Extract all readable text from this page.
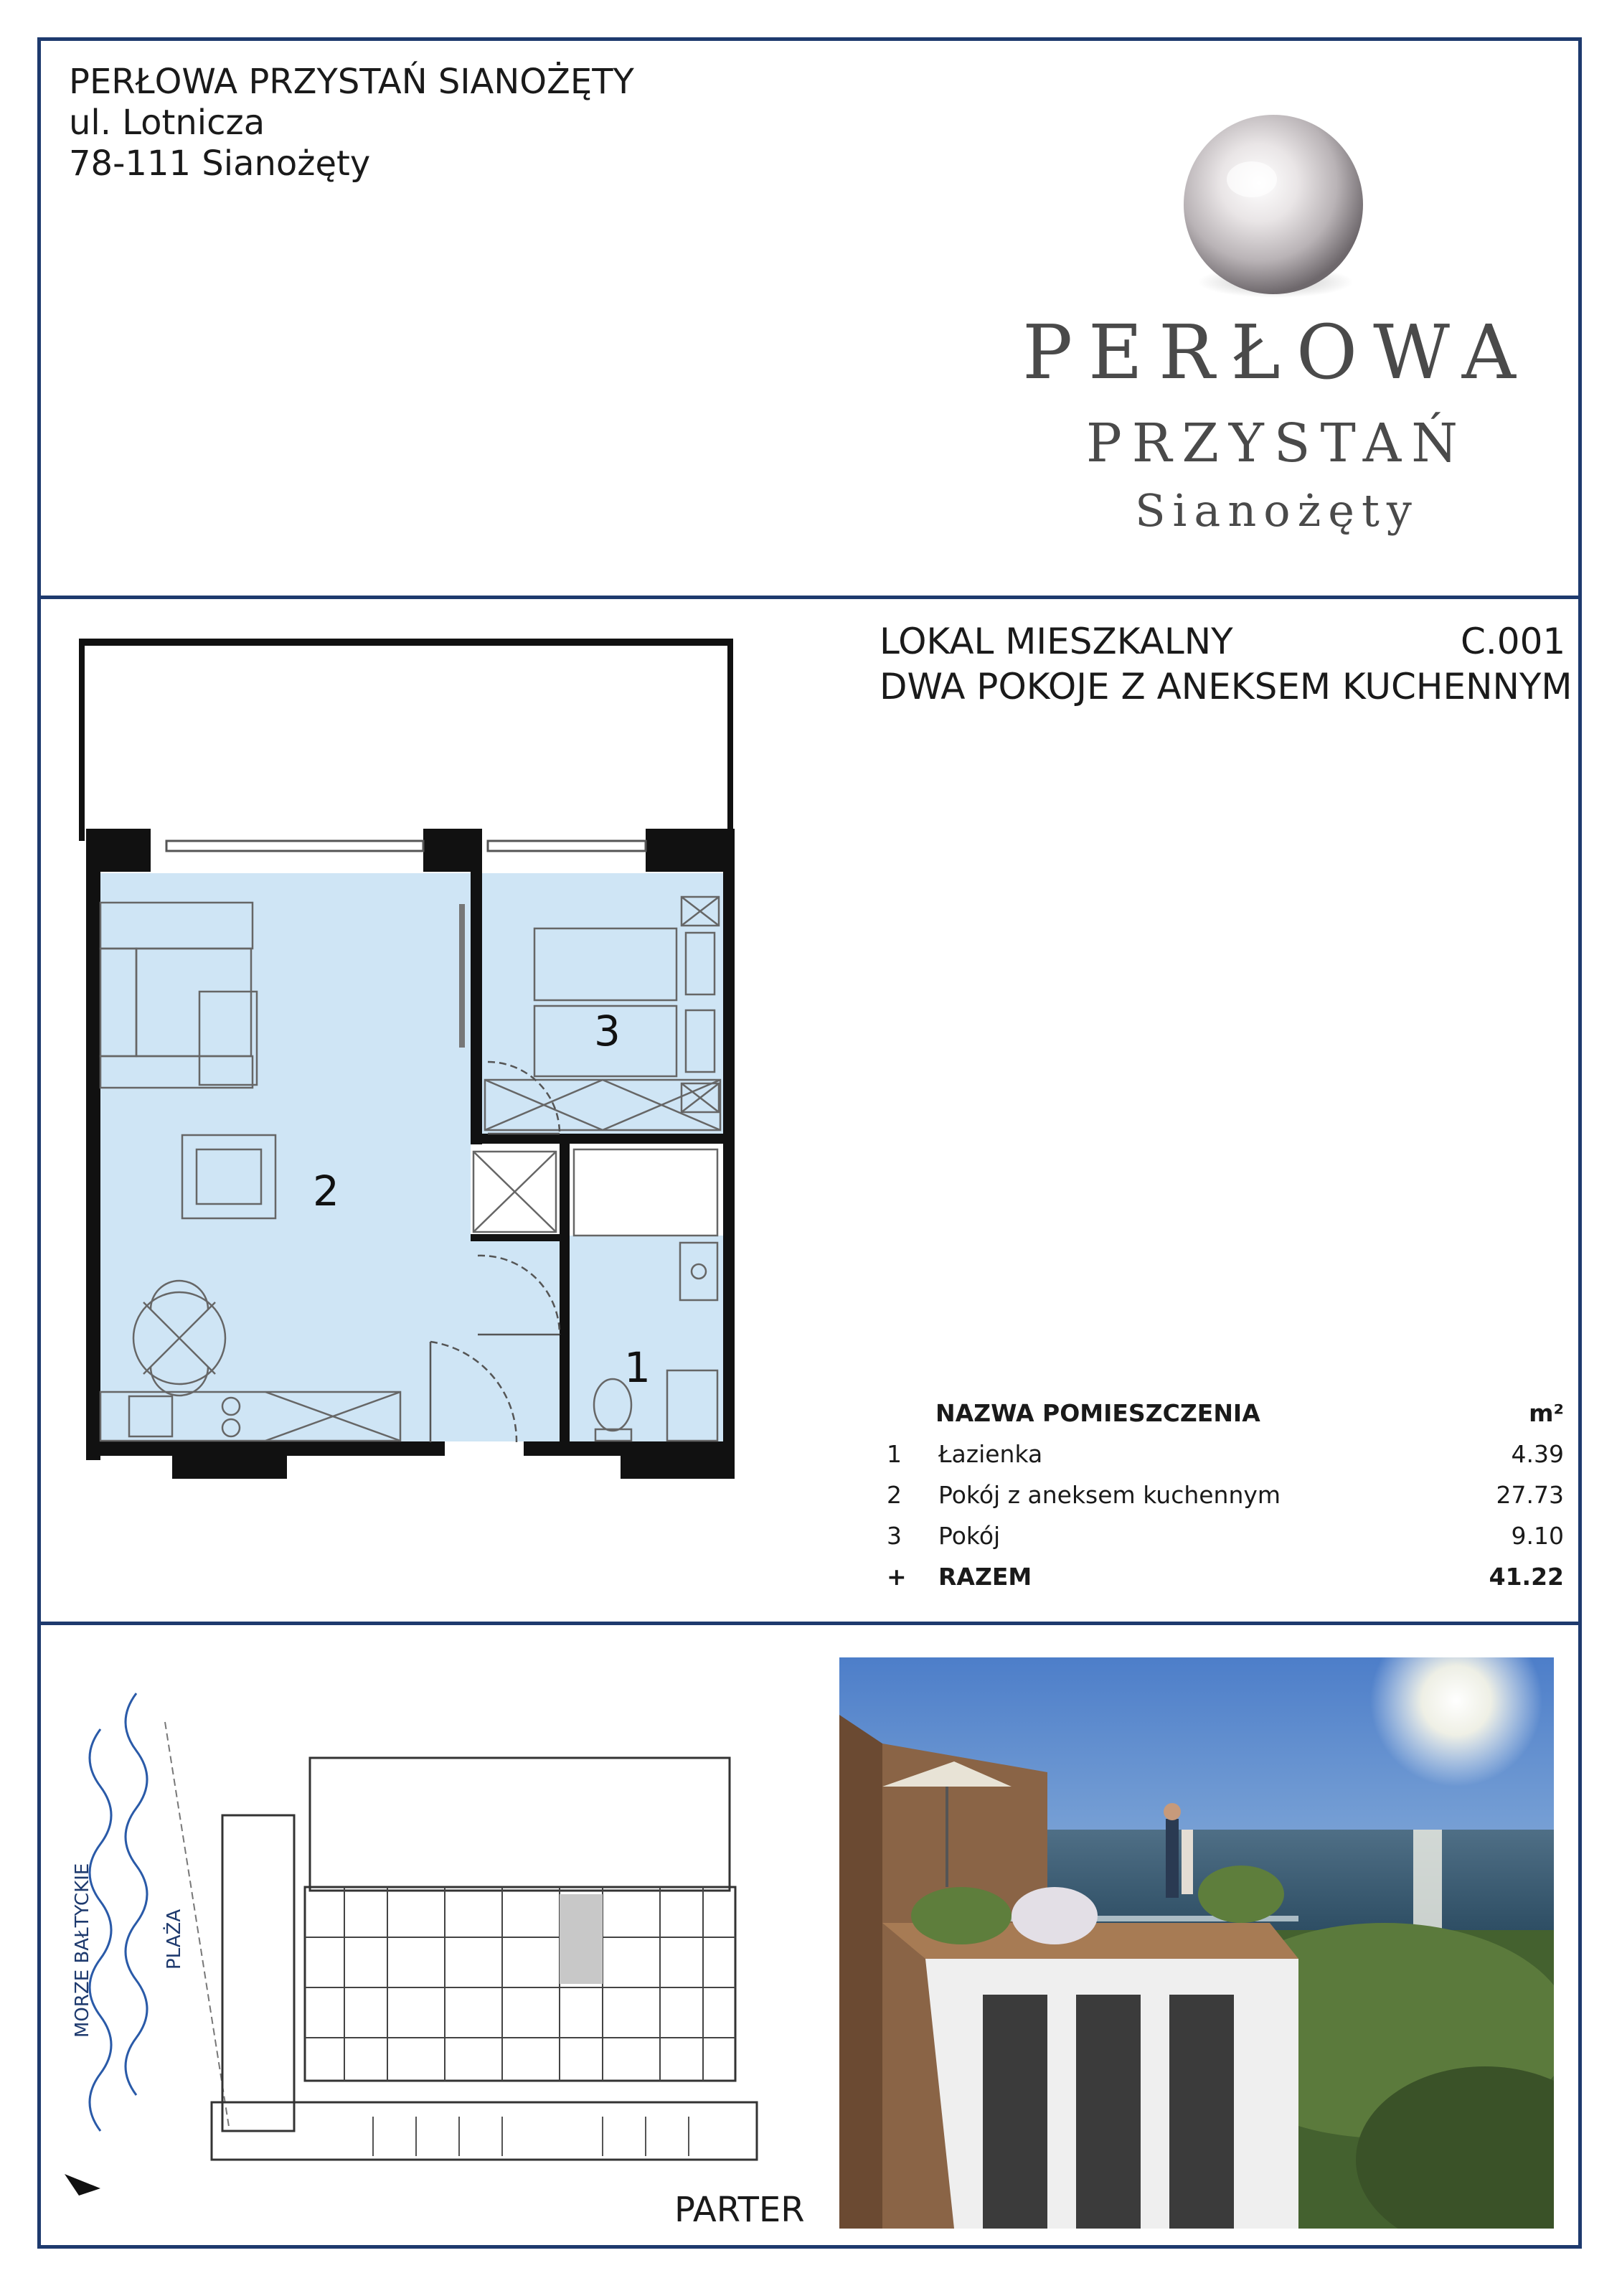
PERŁOWA PRZYSTAŃ SIANOŻĘTY
ul. Lotnicza
78-111 Sianożęty
PERŁOWA
PRZYSTAŃ
Sianożęty
LOKAL MIESZKALNY	C.001
DWA POKOJE Z ANEKSEM KUCHENNYM
2
3
1
NAZWA POMIESZCZENIA	m²
1 Łazienka	4.39
2 Pokój z aneksem kuchennym	27.73
3 Pokój	9.10
+ RAZEM	41.22
MORZE BAŁTYCKIE	PLAŻA
PARTER
